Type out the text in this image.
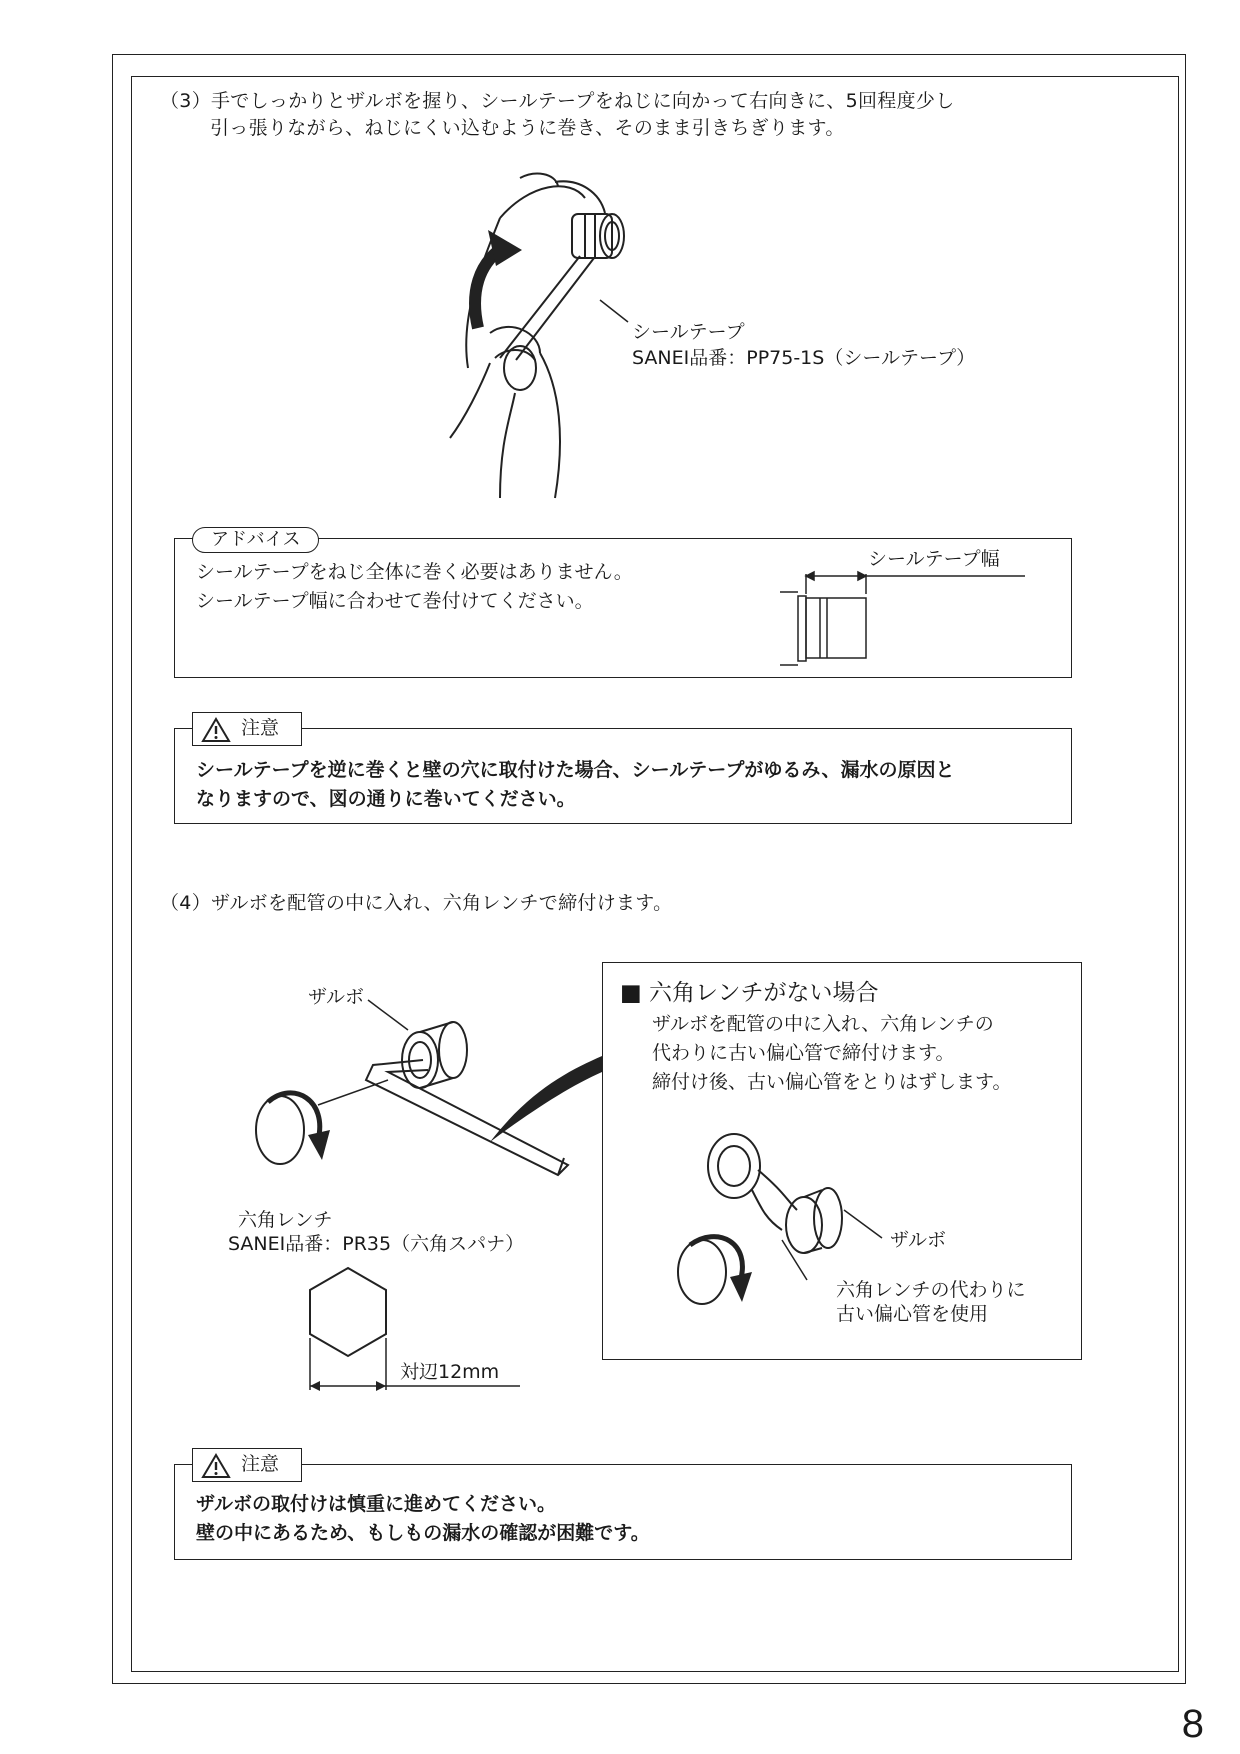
（3）手でしっかりとザルボを握り、シールテープをねじに向かって右向きに、5回程度少し
引っ張りながら、ねじにくい込むように巻き、そのまま引きちぎります。
シールテープ
SANEI品番：PP75-1S（シールテープ）
アドバイス
シールテープをねじ全体に巻く必要はありません。
シールテープ幅に合わせて巻付けてください。
シールテープ幅
注意
シールテープを逆に巻くと壁の穴に取付けた場合、シールテープがゆるみ、漏水の原因と
なりますので、図の通りに巻いてください。
（4）ザルボを配管の中に入れ、六角レンチで締付けます。
ザルボ
六角レンチ
SANEI品番：PR35（六角スパナ）
対辺12mm
■ 六角レンチがない場合
ザルボを配管の中に入れ、六角レンチの
代わりに古い偏心管で締付けます。
締付け後、古い偏心管をとりはずします。
ザルボ
六角レンチの代わりに
古い偏心管を使用
注意
ザルボの取付けは慎重に進めてください。
壁の中にあるため、もしもの漏水の確認が困難です。
8
